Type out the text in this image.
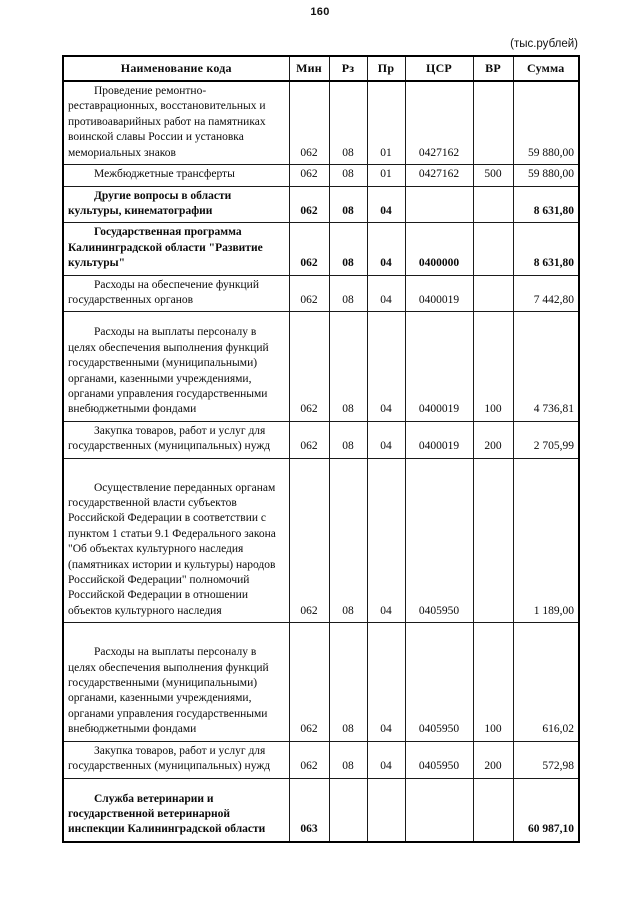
160
(тыс.рублей)
Наименование кода	Мин	Рз	Пр	ЦСР	ВР	Сумма
Проведение ремонтно-реставрационных, восстановительных и противоаварийных работ на памятниках воинской славы России и установка мемориальных знаков	062	08	01	0427162		59 880,00
Межбюджетные трансферты	062	08	01	0427162	500	59 880,00
Другие вопросы в области культуры, кинематографии	062	08	04			8 631,80
Государственная программа Калининградской области "Развитие культуры"	062	08	04	0400000		8 631,80
Расходы на обеспечение функций государственных органов	062	08	04	0400019		7 442,80
Расходы на выплаты персоналу в целях обеспечения выполнения функций государственными (муниципальными) органами, казенными учреждениями, органами управления государственными внебюджетными фондами	062	08	04	0400019	100	4 736,81
Закупка товаров, работ и услуг для государственных (муниципальных) нужд	062	08	04	0400019	200	2 705,99
Осуществление переданных органам государственной власти субъектов Российской Федерации в соответствии с пунктом 1 статьи 9.1 Федерального закона "Об объектах культурного наследия (памятниках истории и культуры) народов Российской Федерации" полномочий Российской Федерации в отношении объектов культурного наследия	062	08	04	0405950		1 189,00
Расходы на выплаты персоналу в целях обеспечения выполнения функций государственными (муниципальными) органами, казенными учреждениями, органами управления государственными внебюджетными фондами	062	08	04	0405950	100	616,02
Закупка товаров, работ и услуг для государственных (муниципальных) нужд	062	08	04	0405950	200	572,98
Служба ветеринарии и государственной ветеринарной инспекции Калининградской области	063					60 987,10
